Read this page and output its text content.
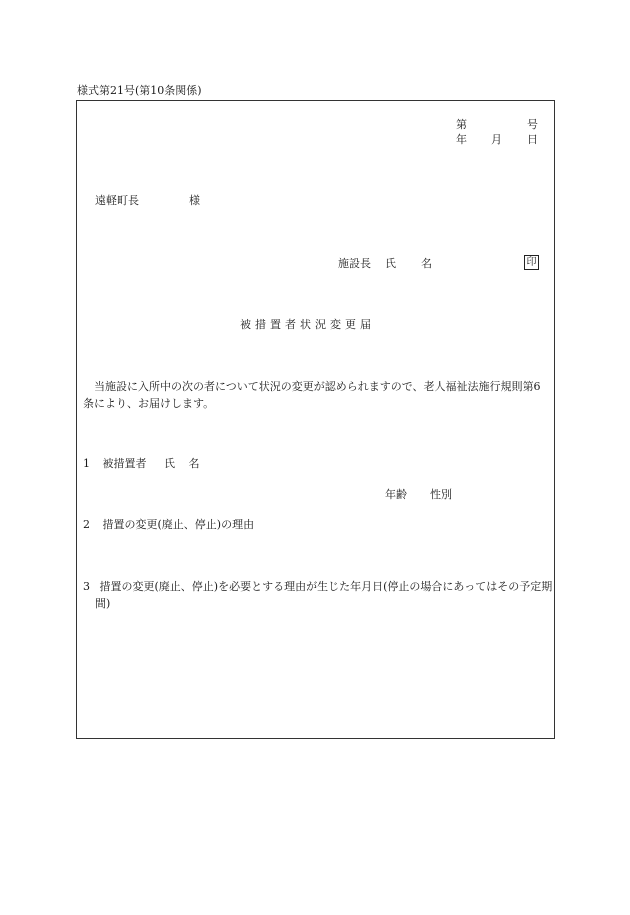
様式第21号(第10条関係)
第	号
年 月 日
遠軽町長	様
施設長 氏 名	印
被措置者状況変更届
当施設に入所中の次の者について状況の変更が認められますので、老人福祉法施行規則第6条により、お届けします。
1 被措置者 氏 名
年齢 性別
2 措置の変更(廃止、停止)の理由
3 措置の変更(廃止、停止)を必要とする理由が生じた年月日(停止の場合にあってはその予定期間)
